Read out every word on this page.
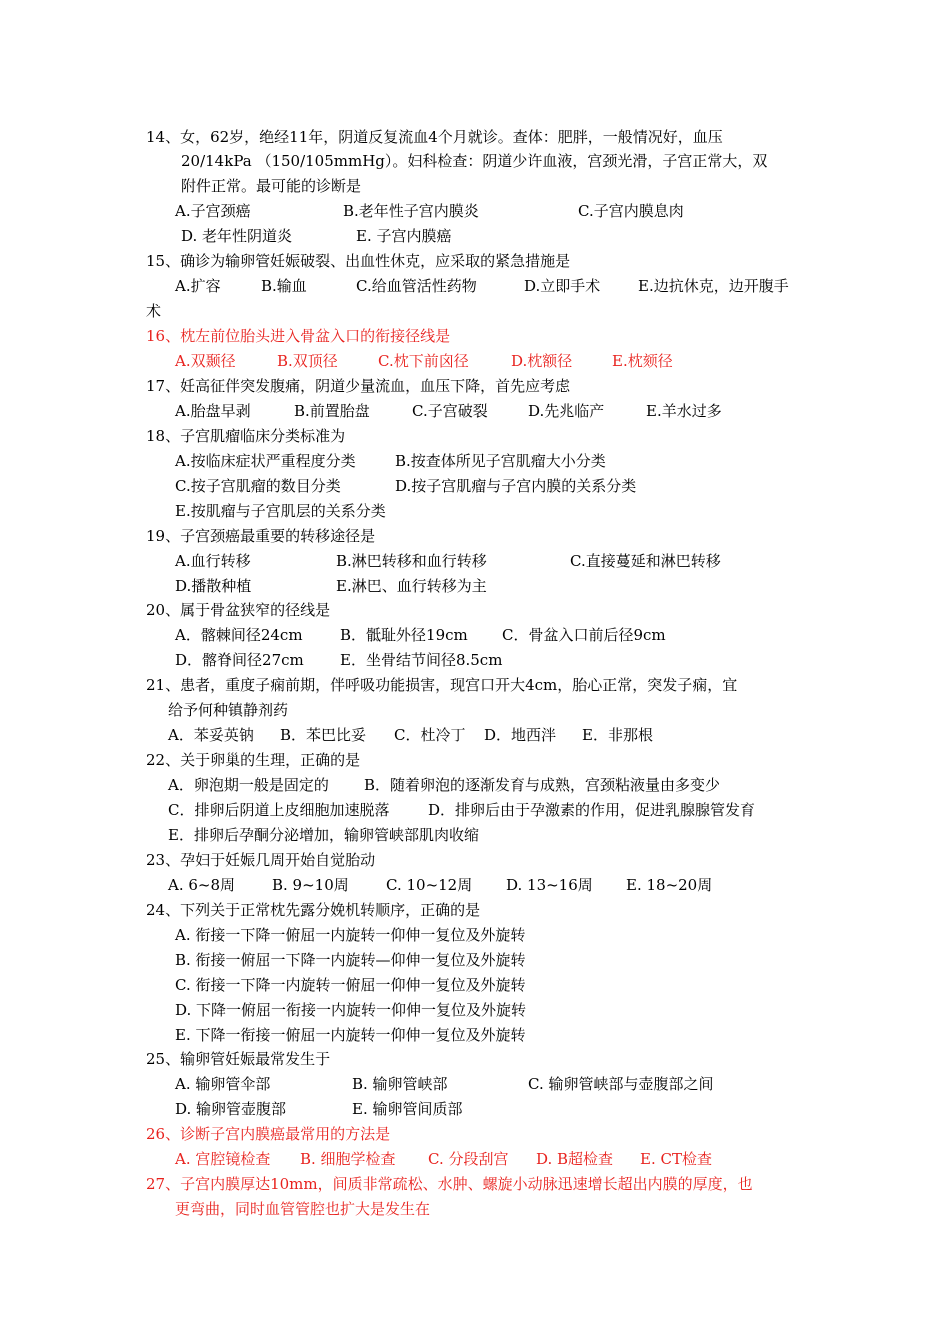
14、女，62岁，绝经11年，阴道反复流血4个月就诊。查体：肥胖，一般情况好，血压
20/14kPa （150/105mmHg）。妇科检查：阴道少许血液，宫颈光滑，子宫正常大，双
附件正常。最可能的诊断是
A.子宫颈癌	B.老年性子宫内膜炎	C.子宫内膜息肉
D. 老年性阴道炎	E. 子宫内膜癌
15、确诊为输卵管妊娠破裂、出血性休克，应采取的紧急措施是
A.扩容	B.输血	C.给血管活性药物	D.立即手术	E.边抗休克，边开腹手
术
16、枕左前位胎头进入骨盆入口的衔接径线是
A.双颞径	B.双顶径	C.枕下前囟径	D.枕额径	E.枕颏径
17、妊高征伴突发腹痛，阴道少量流血，血压下降，首先应考虑
A.胎盘早剥	B.前置胎盘	C.子宫破裂	D.先兆临产	E.羊水过多
18、子宫肌瘤临床分类标准为
A.按临床症状严重程度分类	B.按查体所见子宫肌瘤大小分类
C.按子宫肌瘤的数目分类	D.按子宫肌瘤与子宫内膜的关系分类
E.按肌瘤与子宫肌层的关系分类
19、子宫颈癌最重要的转移途径是
A.血行转移	B.淋巴转移和血行转移	C.直接蔓延和淋巴转移
D.播散种植	E.淋巴、血行转移为主
20、属于骨盆狭窄的径线是
A．髂棘间径24cm B．骶耻外径19cm C．骨盆入口前后径9cm
D．髂脊间径27cm E．坐骨结节间径8.5cm
21、患者，重度子痫前期，伴呼吸功能损害，现宫口开大4cm，胎心正常，突发子痫，宜
给予何种镇静剂药
A．苯妥英钠 B．苯巴比妥 C．杜冷丁 D．地西泮 E．非那根
22、关于卵巢的生理，正确的是
A．卵泡期一般是固定的 B．随着卵泡的逐渐发育与成熟，宫颈粘液量由多变少
C．排卵后阴道上皮细胞加速脱落	D．排卵后由于孕激素的作用，促进乳腺腺管发育
E．排卵后孕酮分泌增加，输卵管峡部肌肉收缩
23、孕妇于妊娠几周开始自觉胎动
A. 6~8周 B. 9~10周 C. 10~12周 D. 13~16周 E. 18~20周
24、下列关于正常枕先露分娩机转顺序，正确的是
A. 衔接一下降一俯屈一内旋转一仰伸一复位及外旋转
B. 衔接一俯屈一下降一内旋转—仰伸一复位及外旋转
C. 衔接一下降一内旋转一俯屈一仰伸一复位及外旋转
D. 下降一俯屈一衔接一内旋转一仰伸一复位及外旋转
E. 下降一衔接一俯屈一内旋转一仰伸一复位及外旋转
25、输卵管妊娠最常发生于
A. 输卵管伞部	B. 输卵管峡部	C. 输卵管峡部与壶腹部之间
D. 输卵管壶腹部	E. 输卵管间质部
26、诊断子宫内膜癌最常用的方法是
A. 宫腔镜检查 B. 细胞学检查 C. 分段刮宫 D. B超检查 E. CT检查
27、子宫内膜厚达10mm，间质非常疏松、水肿、螺旋小动脉迅速增长超出内膜的厚度，也
更弯曲，同时血管管腔也扩大是发生在
